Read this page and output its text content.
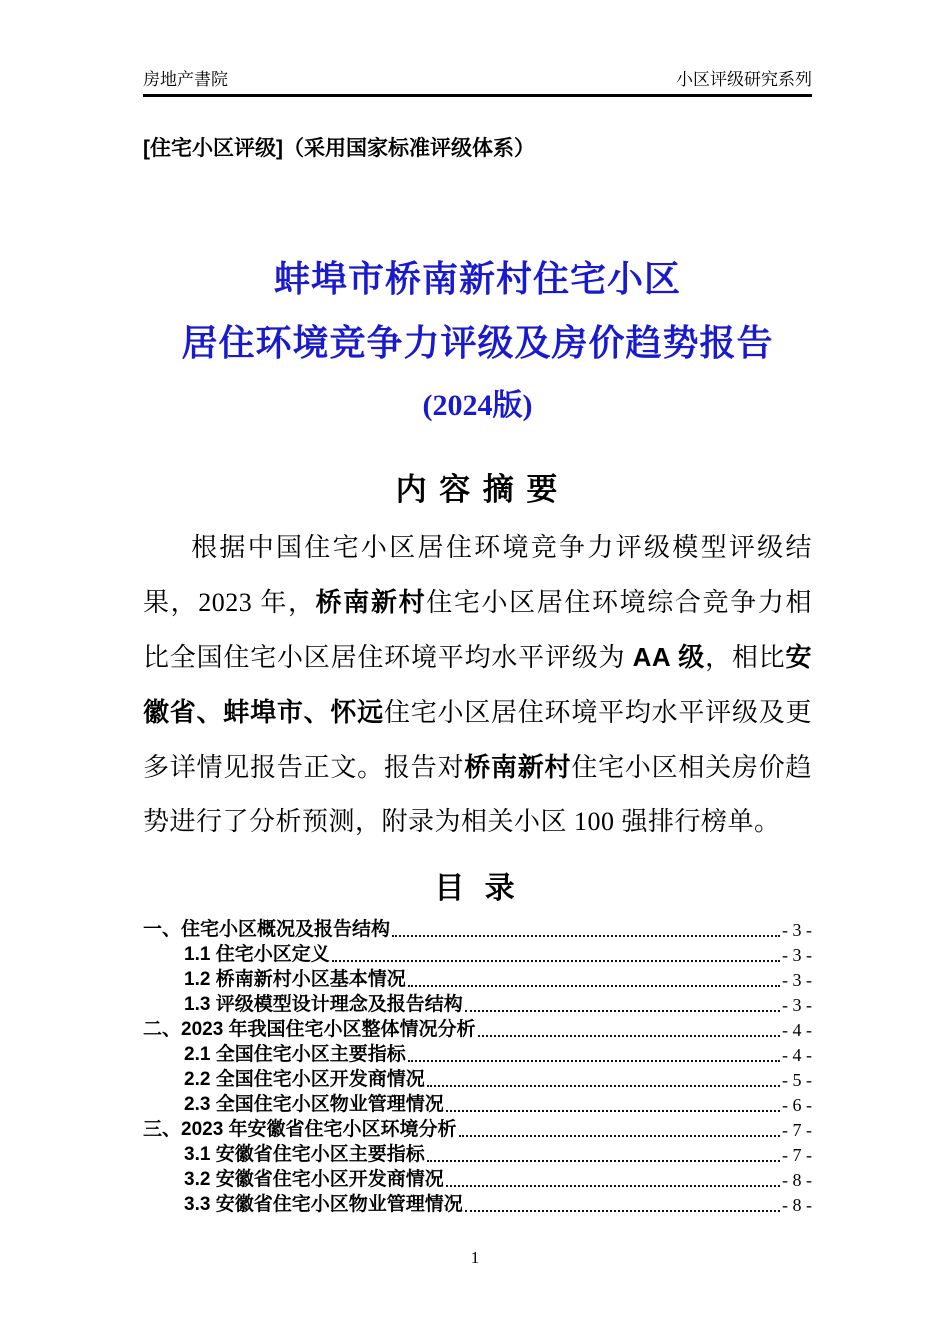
房地产書院	小区评级研究系列
[住宅小区评级]（采用国家标准评级体系）
蚌埠市桥南新村住宅小区
居住环境竞争力评级及房价趋势报告
(2024版)
内 容 摘 要
根据中国住宅小区居住环境竞争力评级模型评级结果，2023 年，桥南新村住宅小区居住环境综合竞争力相比全国住宅小区居住环境平均水平评级为 AA 级，相比安徽省、蚌埠市、怀远住宅小区居住环境平均水平评级及更多详情见报告正文。报告对桥南新村住宅小区相关房价趋势进行了分析预测，附录为相关小区 100 强排行榜单。
目 录
一、住宅小区概况及报告结构	- 3 -
1.1 住宅小区定义	- 3 -
1.2 桥南新村小区基本情况	- 3 -
1.3 评级模型设计理念及报告结构	- 3 -
二、2023 年我国住宅小区整体情况分析	- 4 -
2.1 全国住宅小区主要指标	- 4 -
2.2 全国住宅小区开发商情况	- 5 -
2.3 全国住宅小区物业管理情况	- 6 -
三、2023 年安徽省住宅小区环境分析	- 7 -
3.1 安徽省住宅小区主要指标	- 7 -
3.2 安徽省住宅小区开发商情况	- 8 -
3.3 安徽省住宅小区物业管理情况	- 8 -
1
